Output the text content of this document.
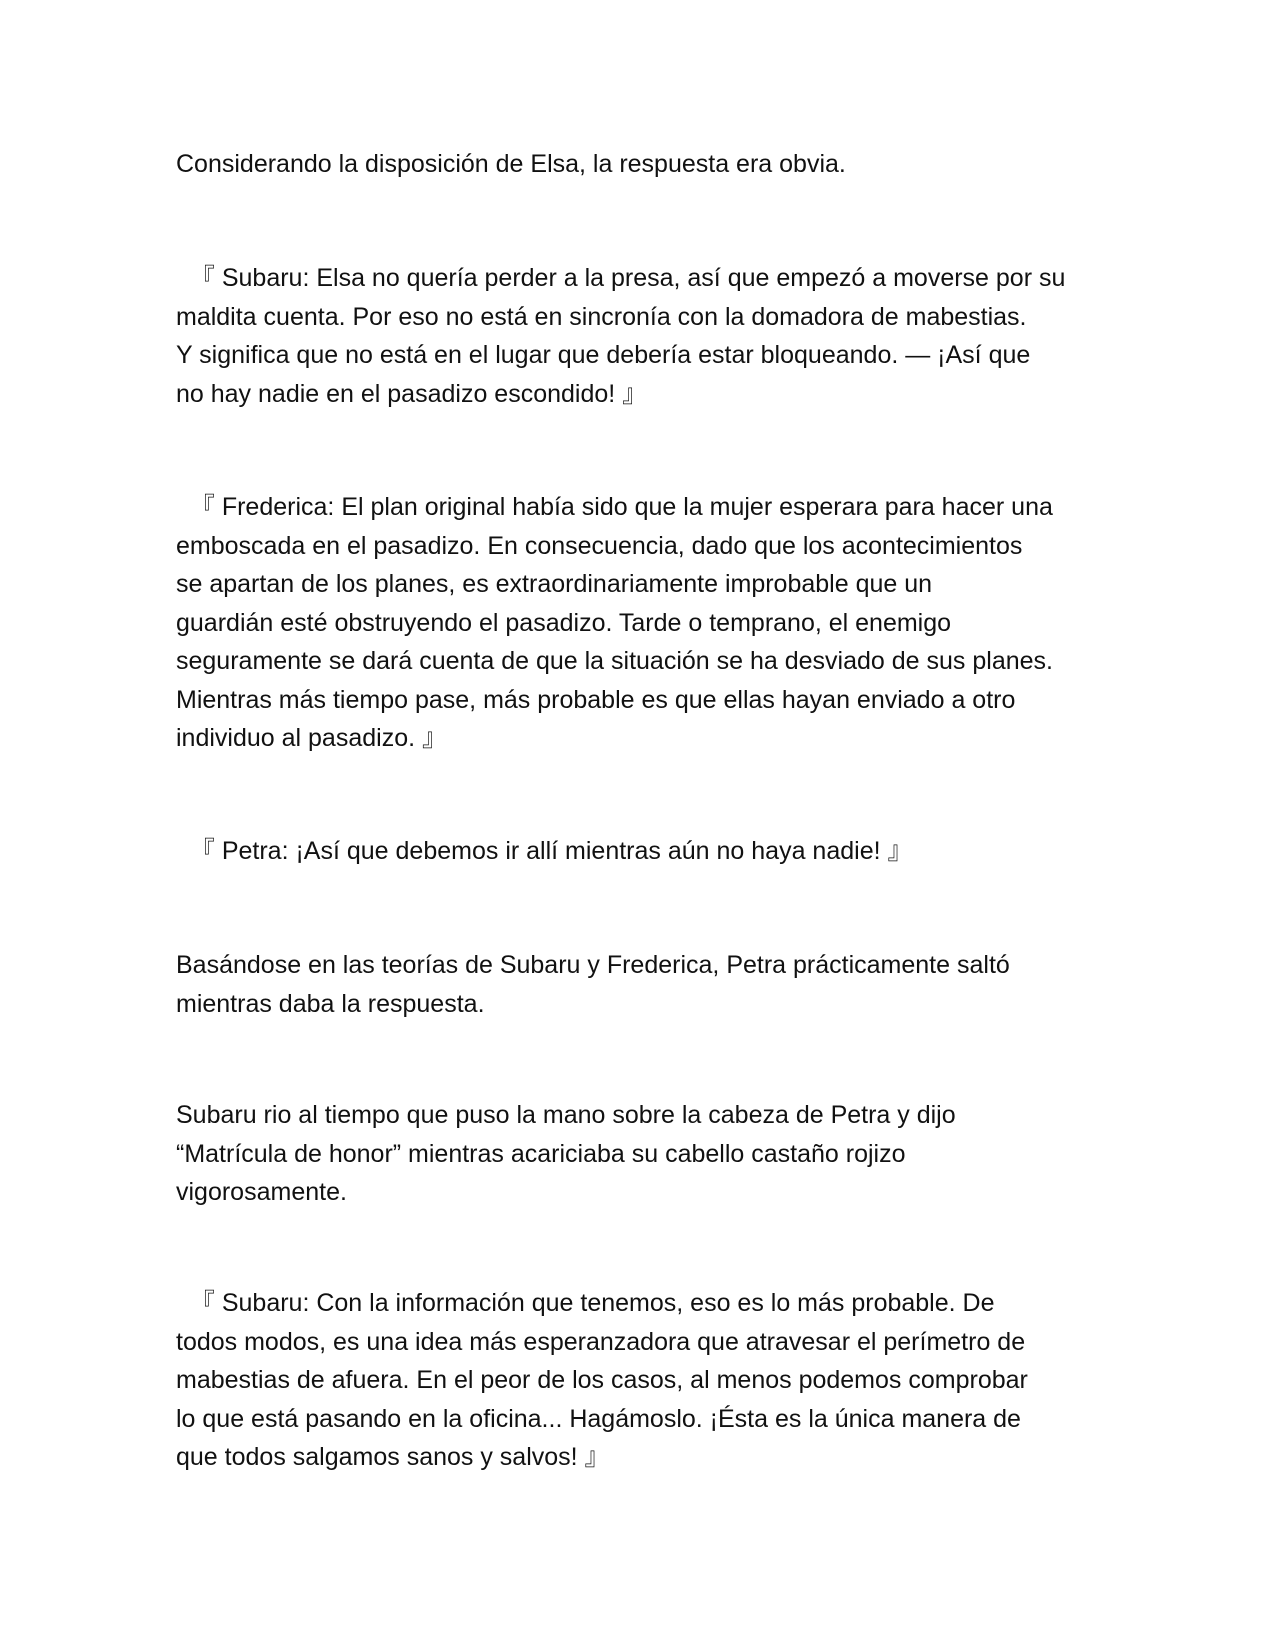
Considerando la disposición de Elsa, la respuesta era obvia.

『 Subaru: Elsa no quería perder a la presa, así que empezó a moverse por su
maldita cuenta. Por eso no está en sincronía con la domadora de mabestias.
Y significa que no está en el lugar que debería estar bloqueando. — ¡Así que
no hay nadie en el pasadizo escondido! 』

『 Frederica: El plan original había sido que la mujer esperara para hacer una
emboscada en el pasadizo. En consecuencia, dado que los acontecimientos
se apartan de los planes, es extraordinariamente improbable que un
guardián esté obstruyendo el pasadizo. Tarde o temprano, el enemigo
seguramente se dará cuenta de que la situación se ha desviado de sus planes.
Mientras más tiempo pase, más probable es que ellas hayan enviado a otro
individuo al pasadizo. 』

『 Petra: ¡Así que debemos ir allí mientras aún no haya nadie! 』

Basándose en las teorías de Subaru y Frederica, Petra prácticamente saltó
mientras daba la respuesta.

Subaru rio al tiempo que puso la mano sobre la cabeza de Petra y dijo
“Matrícula de honor” mientras acariciaba su cabello castaño rojizo
vigorosamente.

『 Subaru: Con la información que tenemos, eso es lo más probable. De
todos modos, es una idea más esperanzadora que atravesar el perímetro de
mabestias de afuera. En el peor de los casos, al menos podemos comprobar
lo que está pasando en la oficina... Hagámoslo. ¡Ésta es la única manera de
que todos salgamos sanos y salvos! 』
